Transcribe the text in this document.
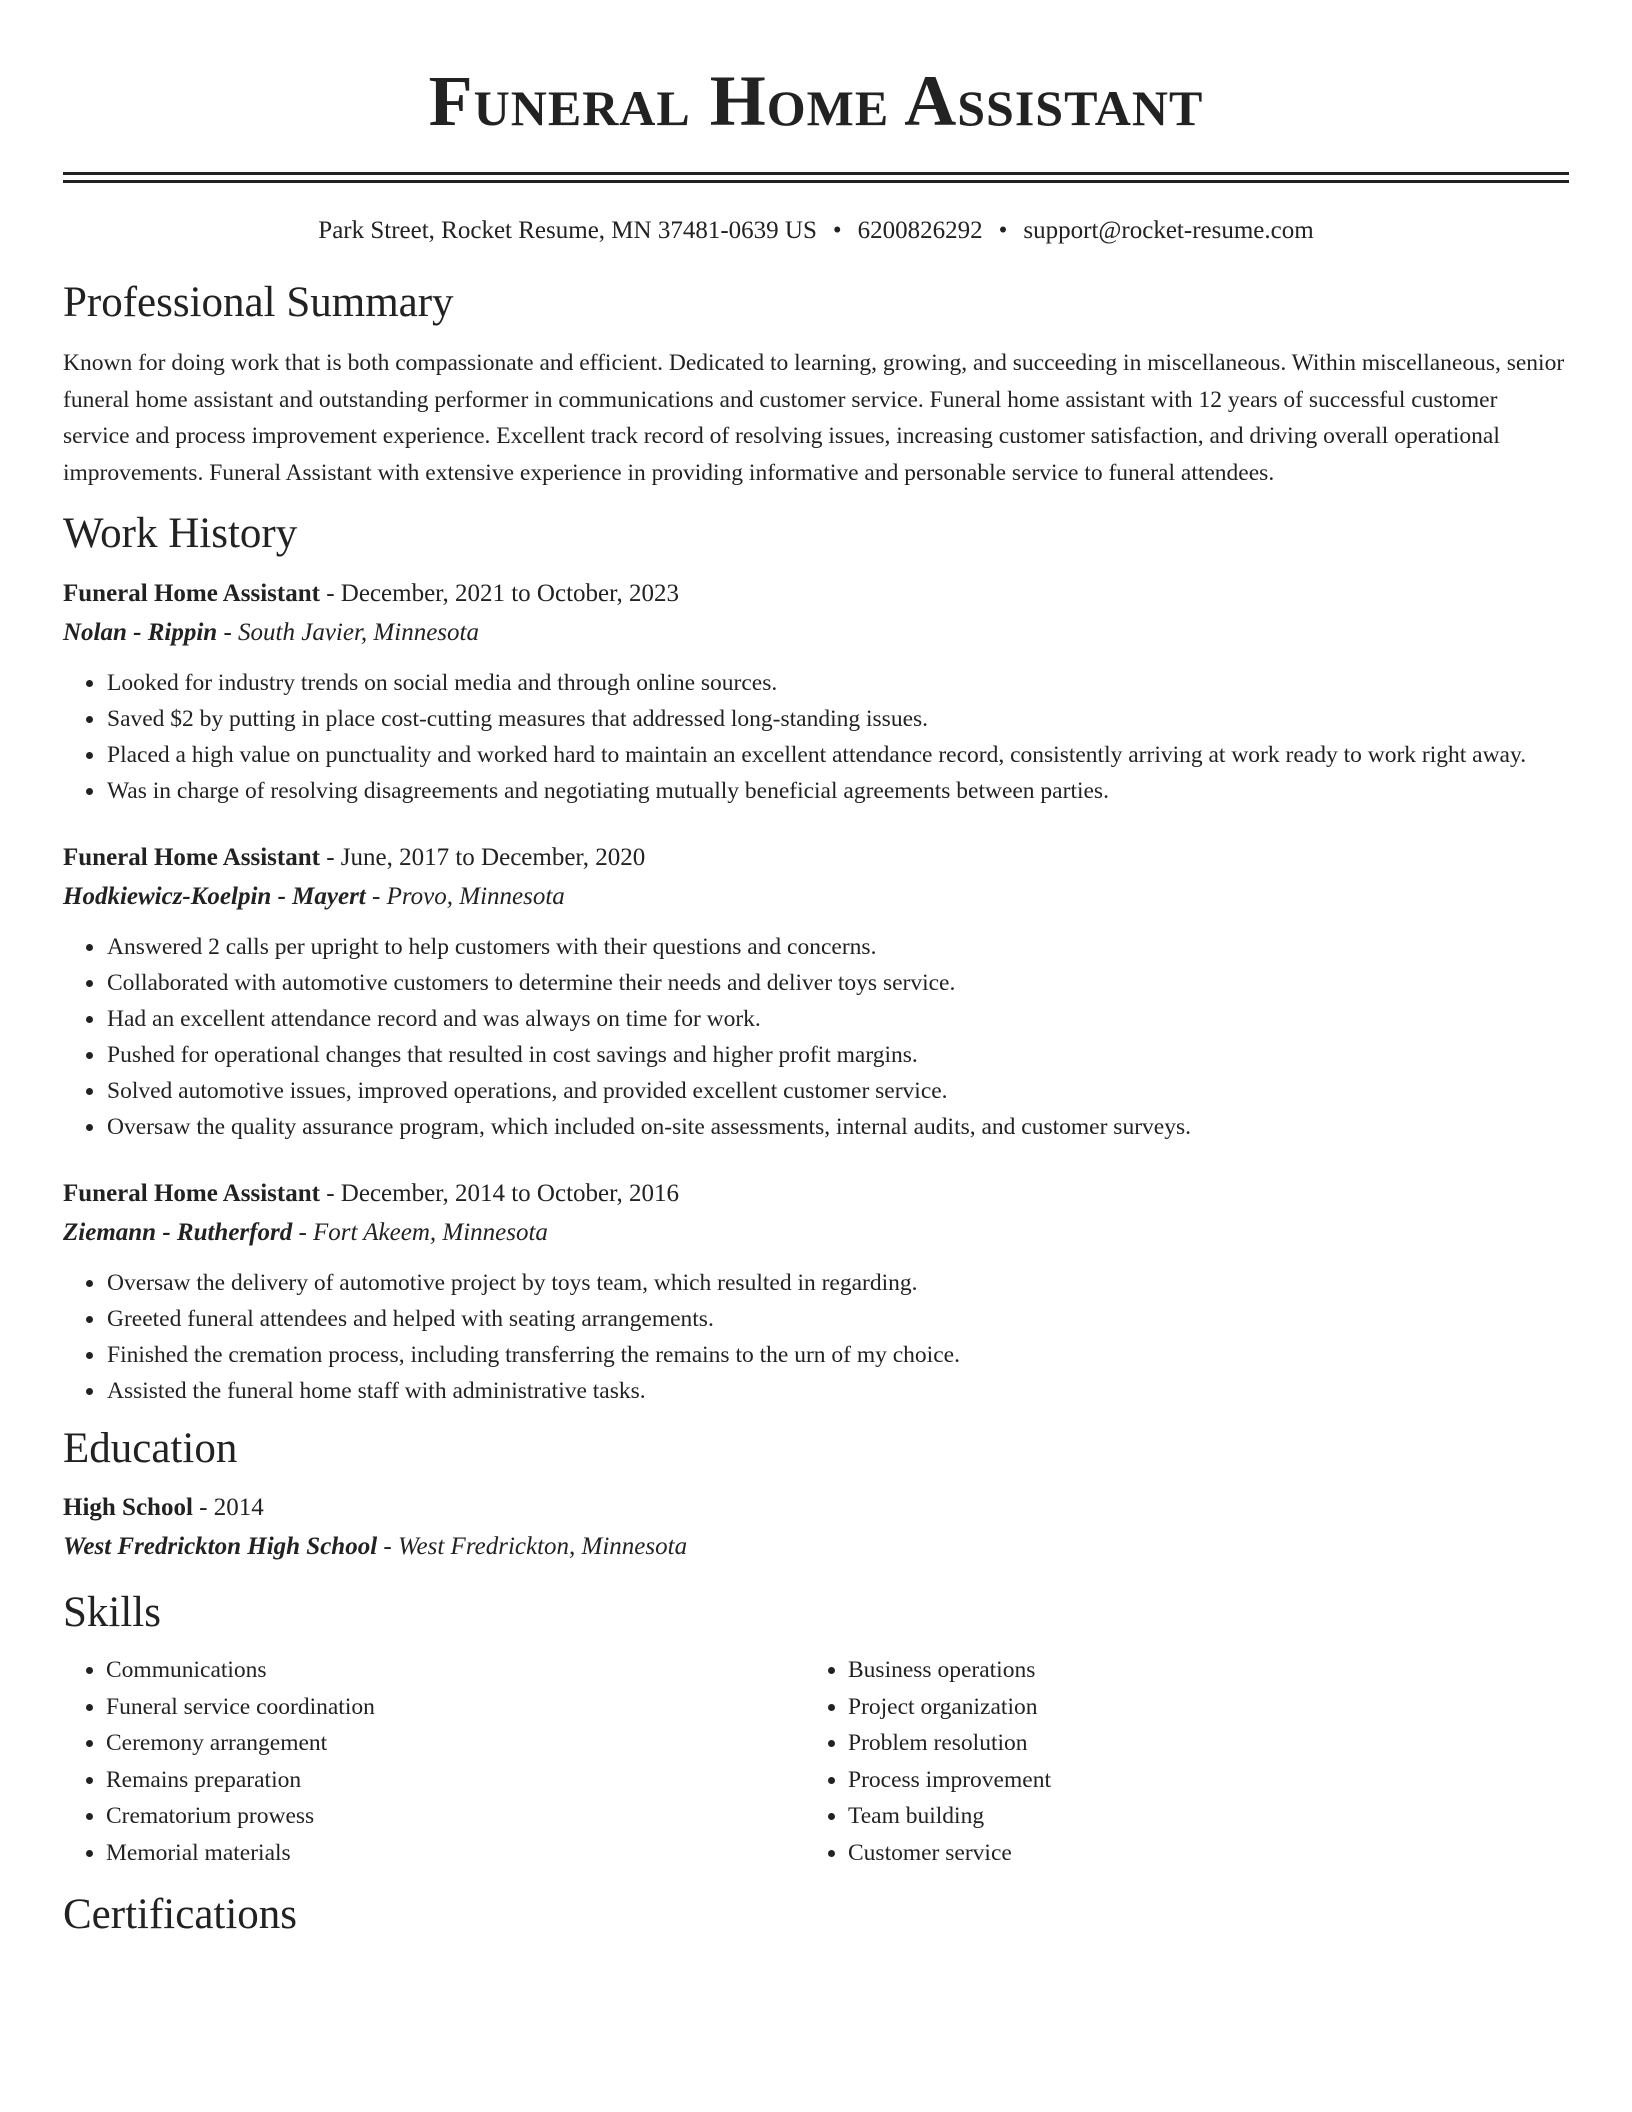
Funeral Home Assistant
Park Street, Rocket Resume, MN 37481-0639 US • 6200826292 • support@rocket-resume.com
Professional Summary

Known for doing work that is both compassionate and efficient. Dedicated to learning, growing, and succeeding in miscellaneous. Within miscellaneous, senior funeral home assistant and outstanding performer in communications and customer service. Funeral home assistant with 12 years of successful customer service and process improvement experience. Excellent track record of resolving issues, increasing customer satisfaction, and driving overall operational improvements. Funeral Assistant with extensive experience in providing informative and personable service to funeral attendees.

Work History
Funeral Home Assistant - December, 2021 to October, 2023
Nolan - Rippin - South Javier, Minnesota
• Looked for industry trends on social media and through online sources.
• Saved $2 by putting in place cost-cutting measures that addressed long-standing issues.
• Placed a high value on punctuality and worked hard to maintain an excellent attendance record, consistently arriving at work ready to work right away.
• Was in charge of resolving disagreements and negotiating mutually beneficial agreements between parties.
Funeral Home Assistant - June, 2017 to December, 2020
Hodkiewicz-Koelpin - Mayert - Provo, Minnesota
• Answered 2 calls per upright to help customers with their questions and concerns.
• Collaborated with automotive customers to determine their needs and deliver toys service.
• Had an excellent attendance record and was always on time for work.
• Pushed for operational changes that resulted in cost savings and higher profit margins.
• Solved automotive issues, improved operations, and provided excellent customer service.
• Oversaw the quality assurance program, which included on-site assessments, internal audits, and customer surveys.
Funeral Home Assistant - December, 2014 to October, 2016
Ziemann - Rutherford - Fort Akeem, Minnesota
• Oversaw the delivery of automotive project by toys team, which resulted in regarding.
• Greeted funeral attendees and helped with seating arrangements.
• Finished the cremation process, including transferring the remains to the urn of my choice.
• Assisted the funeral home staff with administrative tasks.
Education
High School - 2014
West Fredrickton High School - West Fredrickton, Minnesota
Skills
• Communications
• Funeral service coordination
• Ceremony arrangement
• Remains preparation
• Crematorium prowess
• Memorial materials
• Business operations
• Project organization
• Problem resolution
• Process improvement
• Team building
• Customer service
Certifications
